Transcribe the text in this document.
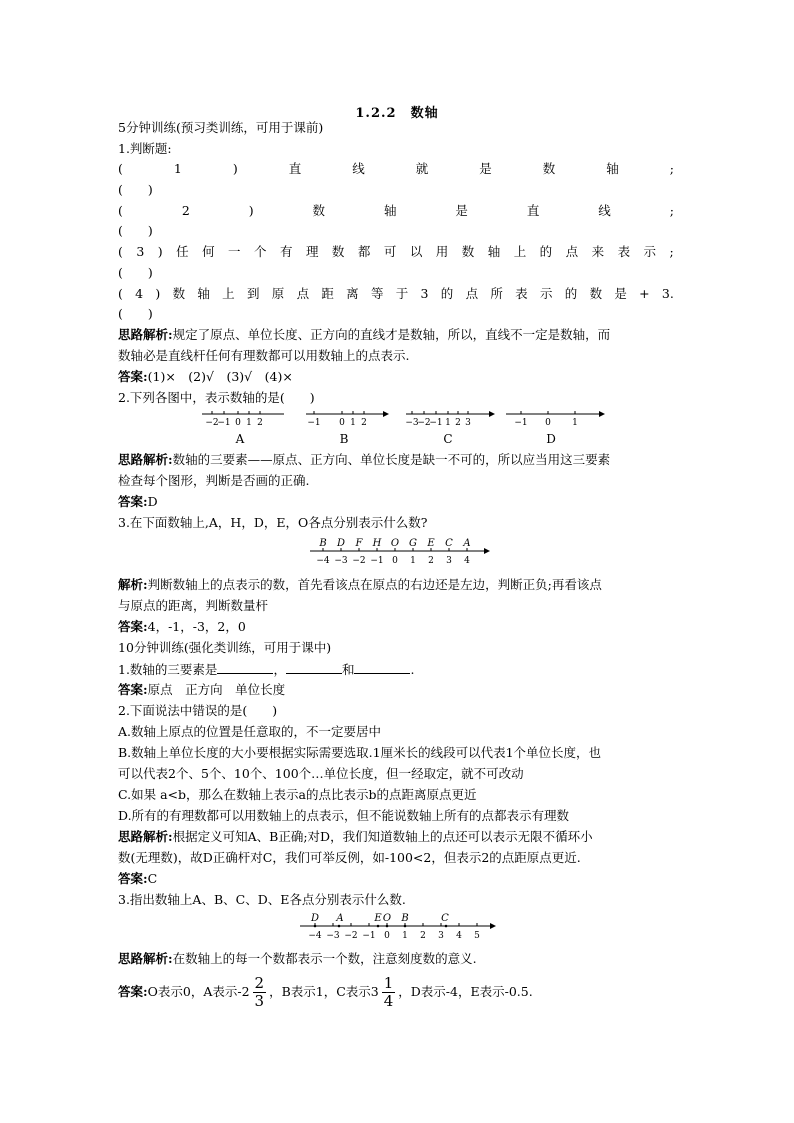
1.2.2　数轴
5分钟训练(预习类训练，可用于课前)
1.判断题:
(	1	)	直	线	就	是	数	轴	;
(　　)
(	2	)	数	轴	是	直	线	;
(　　)
( 3 ) 任 何 一 个 有 理 数 都 可 以 用 数 轴 上 的 点 来 表 示 ;
(　　)
( 4 ) 数 轴 上 到 原 点 距 离 等 于 3 的 点 所 表 示 的 数 是 + 3.
(　　)
思路解析:规定了原点、单位长度、正方向的直线才是数轴，所以，直线不一定是数轴，而
数轴必是直线杆任何有理数都可以用数轴上的点表示.
答案:(1)×　(2)√　(3)√　(4)×
2.下列各图中，表示数轴的是(　　)
−2
−1 0 1 2
A
−1 0 1 2
B
−3
−2
−1 1 2 3
C
−1 0 1
D
思路解析:数轴的三要素——原点、正方向、单位长度是缺一不可的，所以应当用这三要素
检查每个图形，判断是否画的正确.
答案:D
3.在下面数轴上,A，H，D，E，O各点分别表示什么数?
B D F H O G E C A
−4 −3 −2 −1 0 1 2 3 4
解析:判断数轴上的点表示的数，首先看该点在原点的右边还是左边，判断正负;再看该点
与原点的距离，判断数量杆
答案:4，-1，-3，2，0
10分钟训练(强化类训练，可用于课中)
1.数轴的三要素是	，	和	.
答案:原点　正方向　单位长度
2.下面说法中错误的是(　　)
A.数轴上原点的位置是任意取的，不一定要居中
B.数轴上单位长度的大小要根据实际需要选取.1厘米长的线段可以代表1个单位长度，也
可以代表2个、5个、10个、100个…单位长度，但一经取定，就不可改动
C.如果 a<b，那么在数轴上表示a的点比表示b的点距离原点更近
D.所有的有理数都可以用数轴上的点表示，但不能说数轴上所有的点都表示有理数
思路解析:根据定义可知A、B正确;对D，我们知道数轴上的点还可以表示无限不循环小
数(无理数)，故D正确杆对C，我们可举反例，如-100<2，但表示2的点距原点更近.
答案:C
3.指出数轴上A、B、C、D、E各点分别表示什么数.
D A	E O B	C
−4 −3 −2 −1 0 1 2 3 4 5
思路解析:在数轴上的每一个数都表示一个数，注意刻度数的意义.
答案:O表示0，A表示$-2 \frac{2}{3}$ ，B表示1，C表示$3 \frac{1}{4}$ ，D表示-4，E表示-0.5.
